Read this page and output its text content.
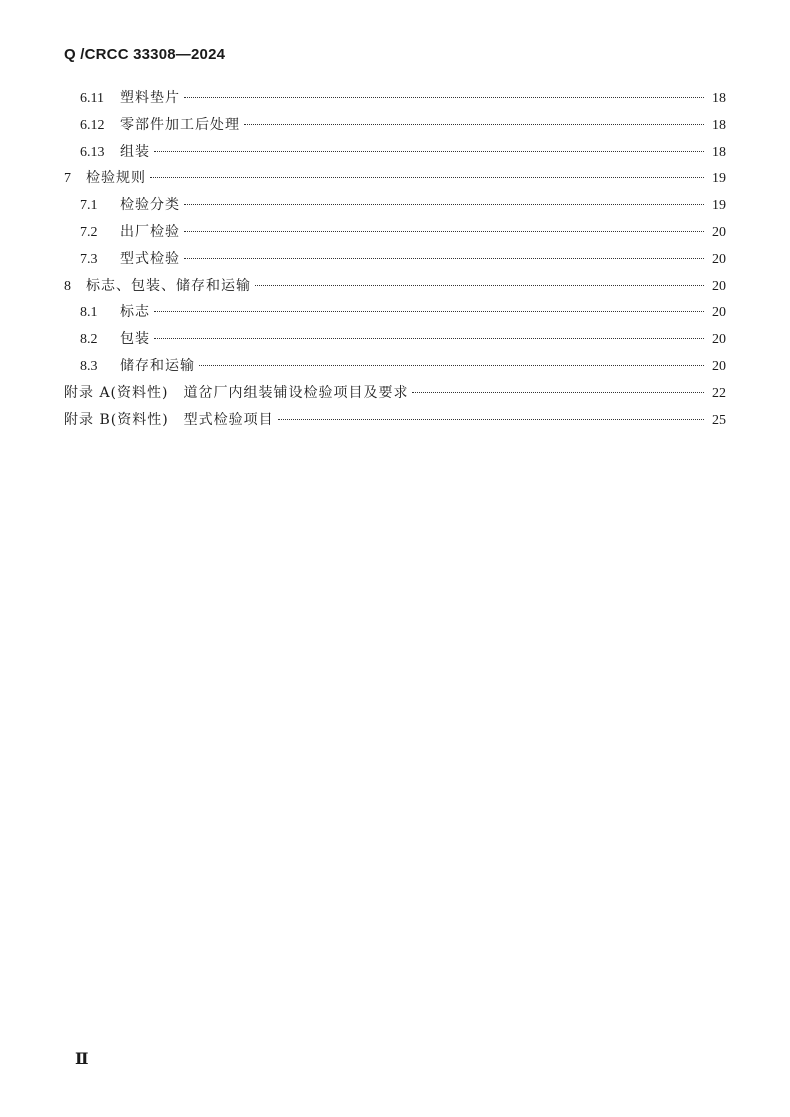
Q /CRCC 33308—2024
6.11	塑料垫片	18
6.12	零部件加工后处理	18
6.13	组装	18
7	检验规则	19
7.1	检验分类	19
7.2	出厂检验	20
7.3	型式检验	20
8	标志、包装、储存和运输	20
8.1	标志	20
8.2	包装	20
8.3	储存和运输	20
附录 A(资料性)　道岔厂内组装铺设检验项目及要求	22
附录 B(资料性)　型式检验项目	25
Ⅱ
